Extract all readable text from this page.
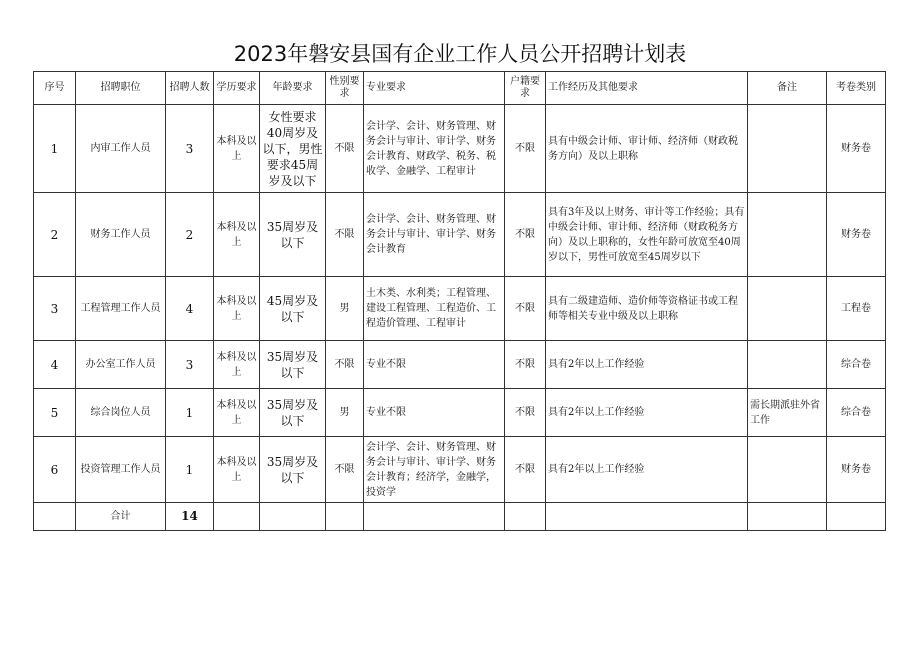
2023年磐安县国有企业工作人员公开招聘计划表
序号	招聘职位	招聘人数	学历要求	年龄要求	性别要求	专业要求	户籍要求	工作经历及其他要求	备注	考卷类别
1	内审工作人员	3	本科及以上	女性要求40周岁及以下，男性要求45周岁及以下	不限	会计学、会计、财务管理、财务会计与审计、审计学、财务会计教育、财政学、税务、税收学、金融学、工程审计	不限	具有中级会计师、审计师、经济师（财政税务方向）及以上职称		财务卷
2	财务工作人员	2	本科及以上	35周岁及以下	不限	会计学、会计、财务管理、财务会计与审计、审计学、财务会计教育	不限	具有3年及以上财务、审计等工作经验；具有中级会计师、审计师、经济师（财政税务方向）及以上职称的，女性年龄可放宽至40周岁以下，男性可放宽至45周岁以下		财务卷
3	工程管理工作人员	4	本科及以上	45周岁及以下	男	土木类、水利类；工程管理、建设工程管理、工程造价、工程造价管理、工程审计	不限	具有二级建造师、造价师等资格证书或工程师等相关专业中级及以上职称		工程卷
4	办公室工作人员	3	本科及以上	35周岁及以下	不限	专业不限	不限	具有2年以上工作经验		综合卷
5	综合岗位人员	1	本科及以上	35周岁及以下	男	专业不限	不限	具有2年以上工作经验	需长期派驻外省工作	综合卷
6	投资管理工作人员	1	本科及以上	35周岁及以下	不限	会计学、会计、财务管理、财务会计与审计、审计学、财务会计教育；经济学，金融学，投资学	不限	具有2年以上工作经验		财务卷
	合计	14								
